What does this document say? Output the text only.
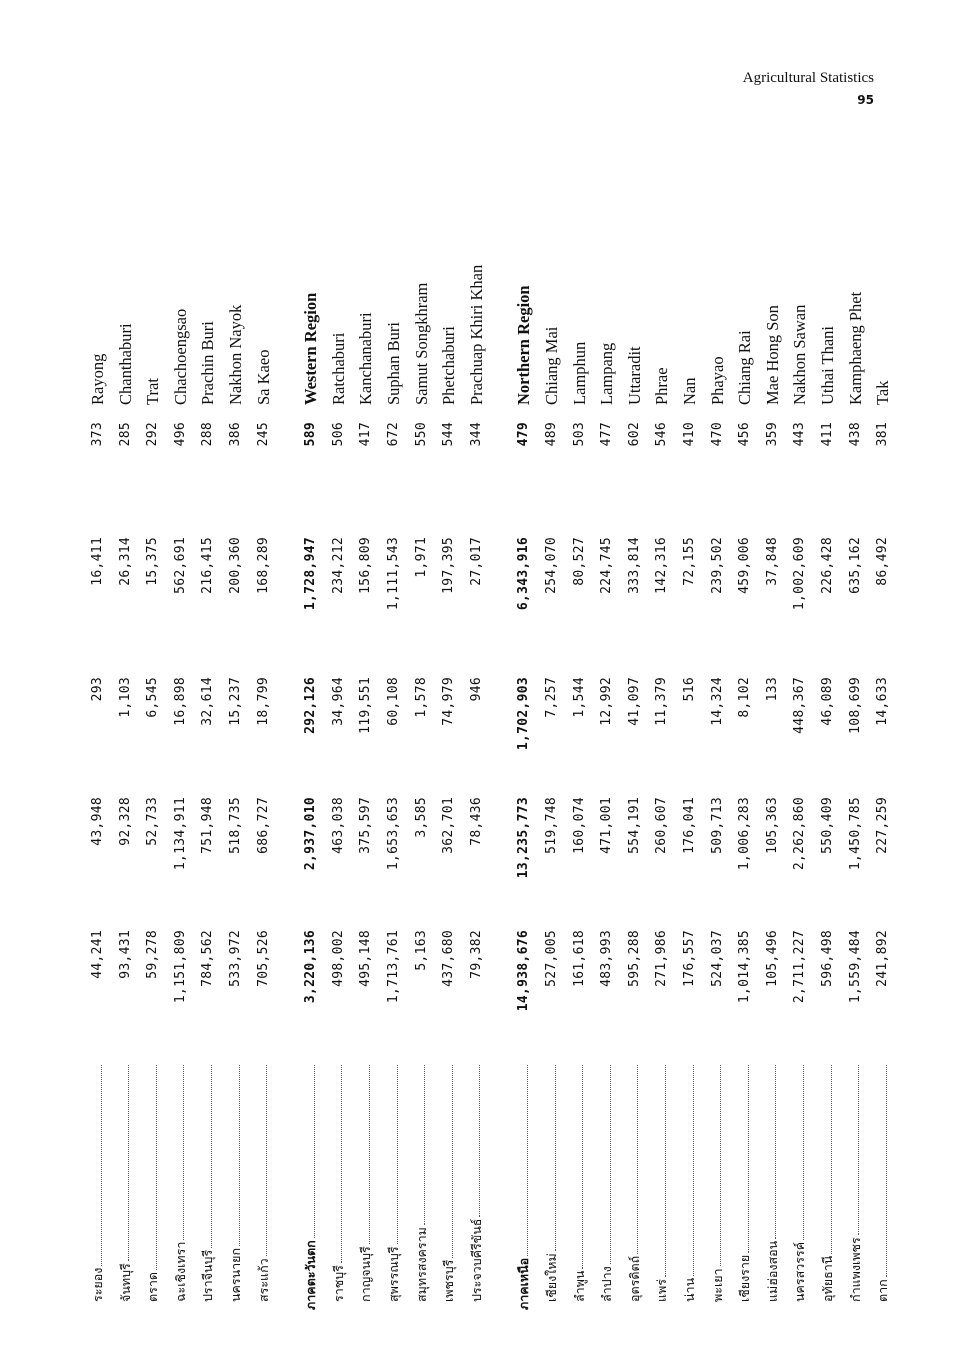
Agricultural Statistics
95
ระยอง
44,241
43,948
293
16,411
373
Rayong
จันทบุรี
93,431
92,328
1,103
26,314
285
Chanthaburi
ตราด
59,278
52,733
6,545
15,375
292
Trat
ฉะเชิงเทรา
1,151,809
1,134,911
16,898
562,691
496
Chachoengsao
ปราจีนบุรี
784,562
751,948
32,614
216,415
288
Prachin Buri
นครนายก
533,972
518,735
15,237
200,360
386
Nakhon Nayok
สระแก้ว
705,526
686,727
18,799
168,289
245
Sa Kaeo
ภาคตะวันตก
3,220,136
2,937,010
292,126
1,728,947
589
Western Region
ราชบุรี
498,002
463,038
34,964
234,212
506
Ratchaburi
กาญจนบุรี
495,148
375,597
119,551
156,809
417
Kanchanaburi
สุพรรณบุรี
1,713,761
1,653,653
60,108
1,111,543
672
Suphan Buri
สมุทรสงคราม
5,163
3,585
1,578
1,971
550
Samut Songkhram
เพชรบุรี
437,680
362,701
74,979
197,395
544
Phetchaburi
ประจวบคีรีขันธ์
79,382
78,436
946
27,017
344
Prachuap Khiri Khan
ภาคเหนือ
14,938,676
13,235,773
1,702,903
6,343,916
479
Northern Region
เชียงใหม่
527,005
519,748
7,257
254,070
489
Chiang Mai
ลำพูน
161,618
160,074
1,544
80,527
503
Lamphun
ลำปาง
483,993
471,001
12,992
224,745
477
Lampang
อุตรดิตถ์
595,288
554,191
41,097
333,814
602
Uttaradit
แพร่
271,986
260,607
11,379
142,316
546
Phrae
น่าน
176,557
176,041
516
72,155
410
Nan
พะเยา
524,037
509,713
14,324
239,502
470
Phayao
เชียงราย
1,014,385
1,006,283
8,102
459,006
456
Chiang Rai
แม่ฮ่องสอน
105,496
105,363
133
37,848
359
Mae Hong Son
นครสวรรค์
2,711,227
2,262,860
448,367
1,002,609
443
Nakhon Sawan
อุทัยธานี
596,498
550,409
46,089
226,428
411
Uthai Thani
กำแพงเพชร
1,559,484
1,450,785
108,699
635,162
438
Kamphaeng Phet
ตาก
241,892
227,259
14,633
86,492
381
Tak
